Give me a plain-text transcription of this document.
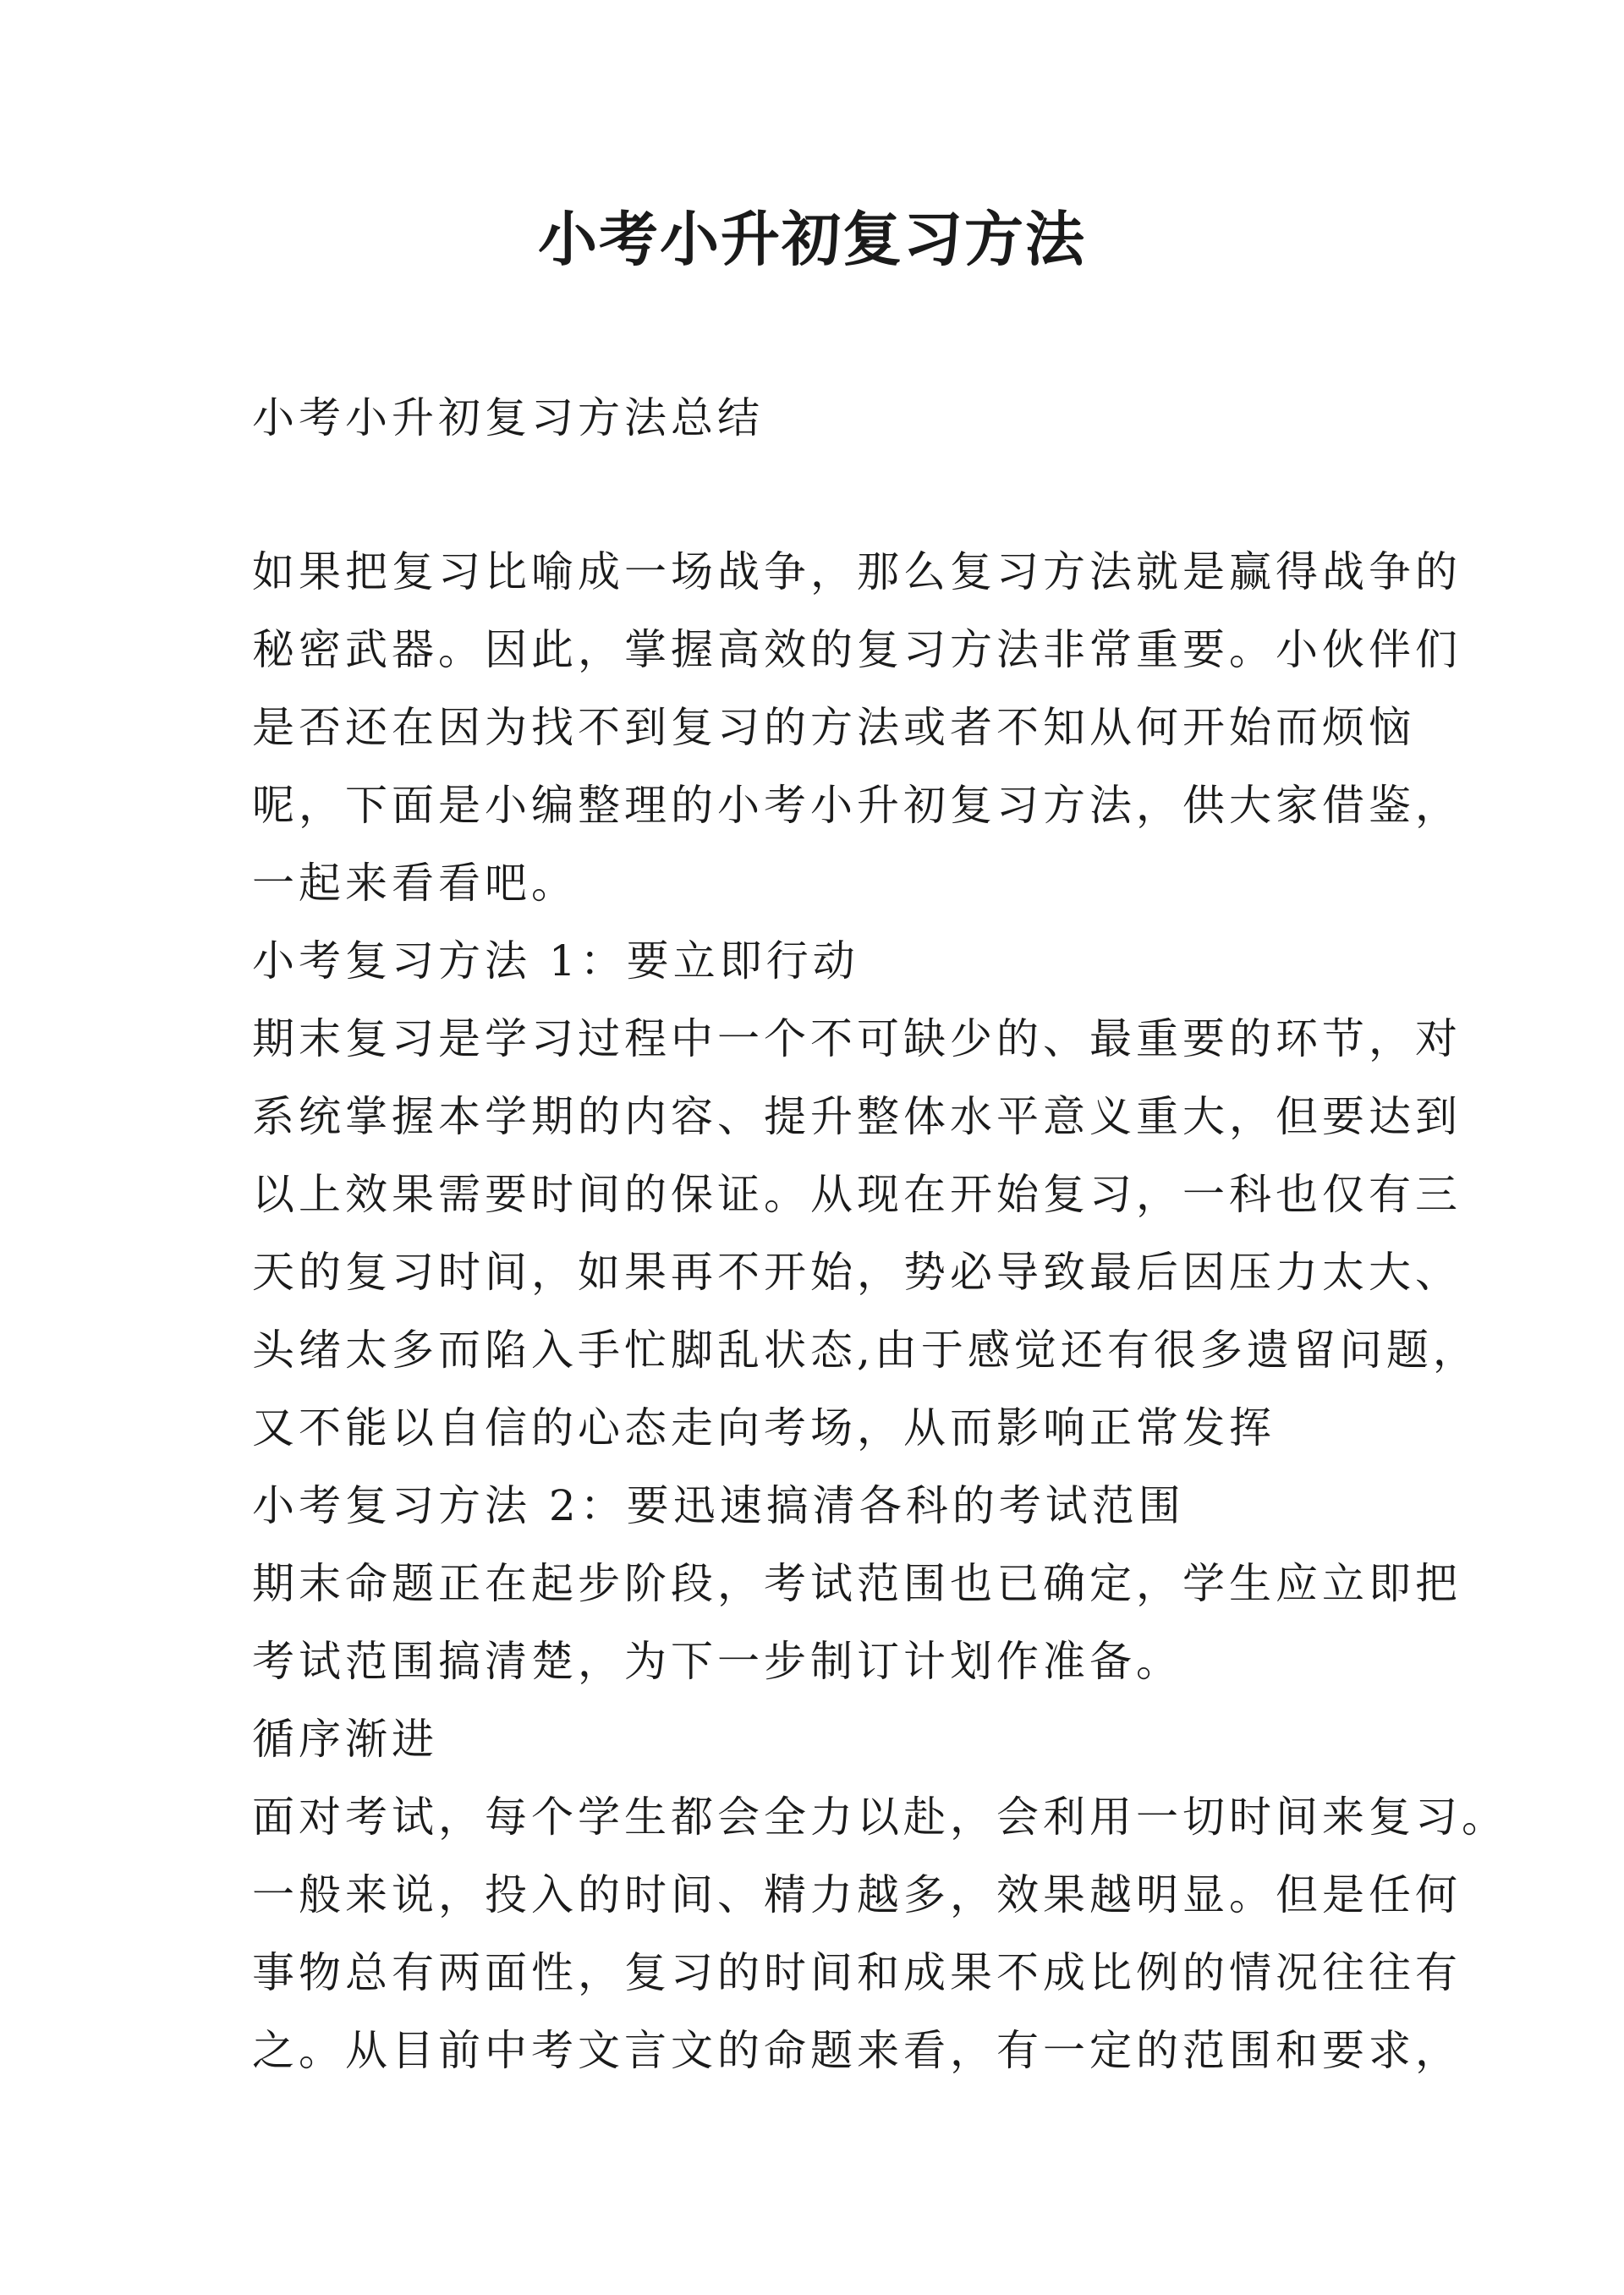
小考小升初复习方法
小考小升初复习方法总结
如果把复习比喻成一场战争，那么复习方法就是赢得战争的
秘密武器。因此，掌握高效的复习方法非常重要。小伙伴们
是否还在因为找不到复习的方法或者不知从何开始而烦恼
呢，下面是小编整理的小考小升初复习方法，供大家借鉴，
一起来看看吧。
小考复习方法 1：要立即行动
期末复习是学习过程中一个不可缺少的、最重要的环节，对
系统掌握本学期的内容、提升整体水平意义重大，但要达到
以上效果需要时间的保证。从现在开始复习，一科也仅有三
天的复习时间，如果再不开始，势必导致最后因压力太大、
头绪太多而陷入手忙脚乱状态,由于感觉还有很多遗留问题，
又不能以自信的心态走向考场，从而影响正常发挥
小考复习方法 2：要迅速搞清各科的考试范围
期末命题正在起步阶段，考试范围也已确定，学生应立即把
考试范围搞清楚，为下一步制订计划作准备。
循序渐进
面对考试，每个学生都会全力以赴，会利用一切时间来复习。
一般来说，投入的时间、精力越多，效果越明显。但是任何
事物总有两面性，复习的时间和成果不成比例的情况往往有
之。从目前中考文言文的命题来看，有一定的范围和要求，
